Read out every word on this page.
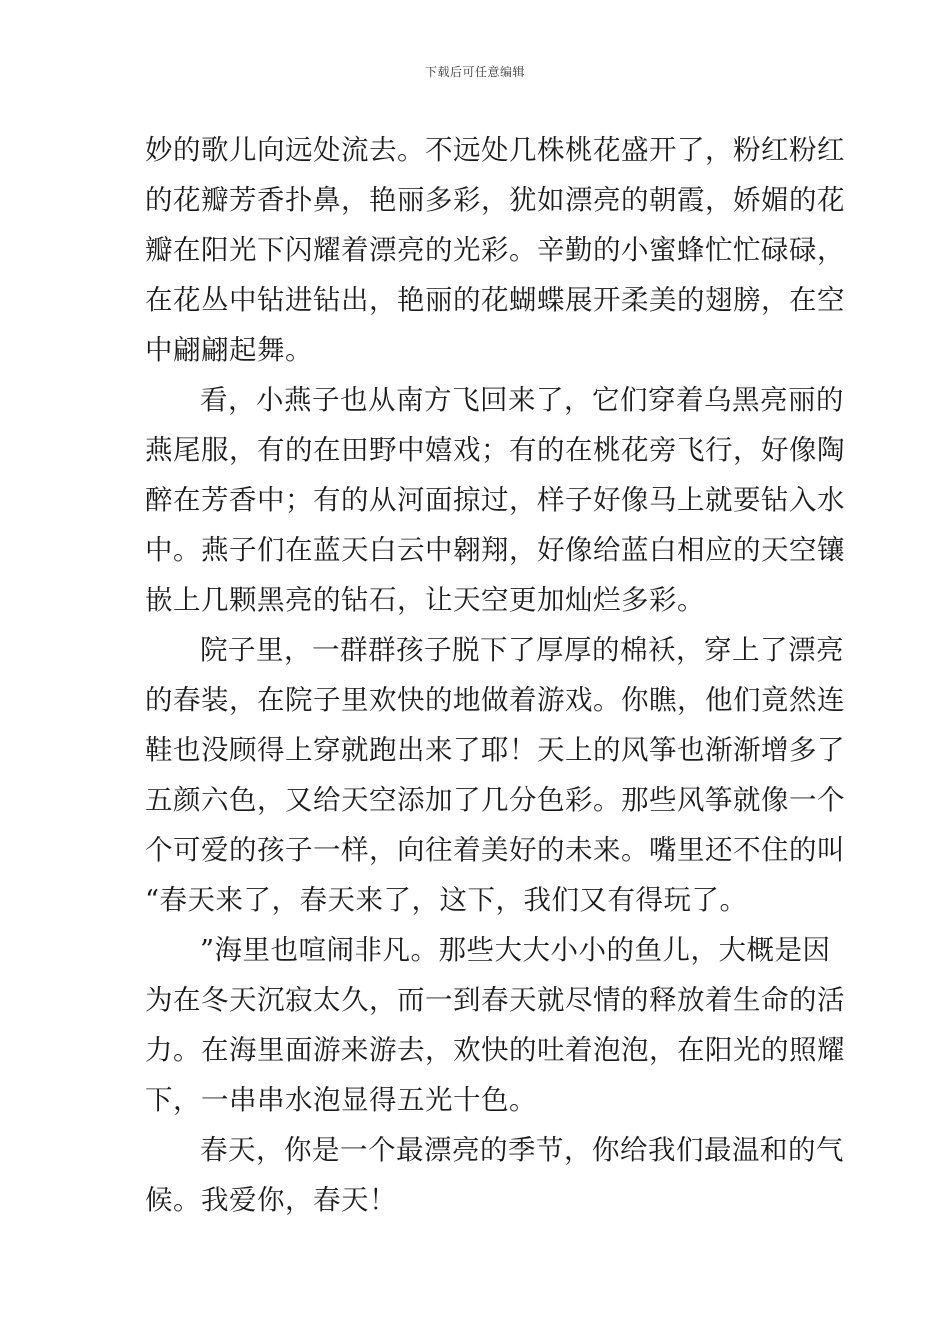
下载后可任意编辑
妙的歌儿向远处流去。不远处几株桃花盛开了，粉红粉红
的花瓣芳香扑鼻，艳丽多彩，犹如漂亮的朝霞，娇媚的花
瓣在阳光下闪耀着漂亮的光彩。辛勤的小蜜蜂忙忙碌碌，
在花丛中钻进钻出，艳丽的花蝴蝶展开柔美的翅膀，在空
中翩翩起舞。
看，小燕子也从南方飞回来了，它们穿着乌黑亮丽的
燕尾服，有的在田野中嬉戏；有的在桃花旁飞行，好像陶
醉在芳香中；有的从河面掠过，样子好像马上就要钻入水
中。燕子们在蓝天白云中翱翔，好像给蓝白相应的天空镶
嵌上几颗黑亮的钻石，让天空更加灿烂多彩。
院子里，一群群孩子脱下了厚厚的棉袄，穿上了漂亮
的春装，在院子里欢快的地做着游戏。你瞧，他们竟然连
鞋也没顾得上穿就跑出来了耶！天上的风筝也渐渐增多了
五颜六色，又给天空添加了几分色彩。那些风筝就像一个
个可爱的孩子一样，向往着美好的未来。嘴里还不住的叫
“春天来了，春天来了，这下，我们又有得玩了。
”海里也喧闹非凡。那些大大小小的鱼儿，大概是因
为在冬天沉寂太久，而一到春天就尽情的释放着生命的活
力。在海里面游来游去，欢快的吐着泡泡，在阳光的照耀
下，一串串水泡显得五光十色。
春天，你是一个最漂亮的季节，你给我们最温和的气
候。我爱你，春天！
